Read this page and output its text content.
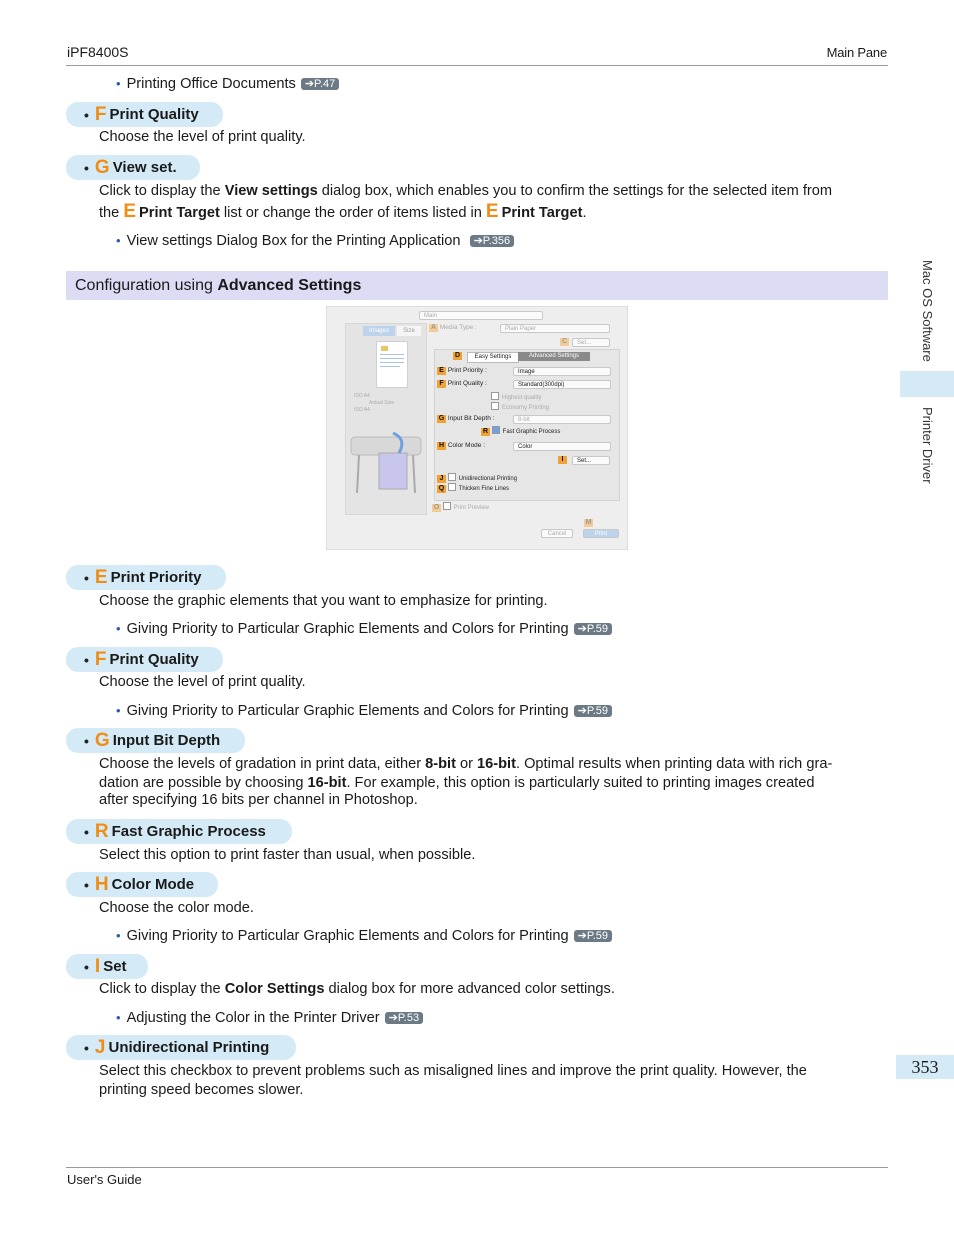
iPF8400S	Main Pane
Mac OS Software
Printer Driver
353
• Printing Office Documents ➔P.47
• F Print Quality
Choose the level of print quality.
• G View set.
Click to display the View settings dialog box, which enables you to confirm the settings for the selected item from
the E Print Target list or change the order of items listed in E Print Target.
• View settings Dialog Box for the Printing Application ➔P.356
Configuration using Advanced Settings
Main
Images	Size
ISO A4
Actual Size
ISO A4
A Media Type :	Plain Paper
C	Set...
D	Easy Settings	Advanced Settings
E Print Priority :	Image
F Print Quality :	Standard(300dpi)
Highest quality
Economy Printing
G Input Bit Depth :	8-bit
R Fast Graphic Process
H Color Mode :	Color
I	Set...
J	Unidirectional Printing
Q Thicken Fine Lines
O Print Preview
M
Cancel	Print
• E Print Priority
Choose the graphic elements that you want to emphasize for printing.
• Giving Priority to Particular Graphic Elements and Colors for Printing ➔P.59
• F Print Quality
Choose the level of print quality.
• Giving Priority to Particular Graphic Elements and Colors for Printing ➔P.59
• G Input Bit Depth
Choose the levels of gradation in print data, either 8-bit or 16-bit. Optimal results when printing data with rich gra-
dation are possible by choosing 16-bit. For example, this option is particularly suited to printing images created
after specifying 16 bits per channel in Photoshop.
• R Fast Graphic Process
Select this option to print faster than usual, when possible.
• H Color Mode
Choose the color mode.
• Giving Priority to Particular Graphic Elements and Colors for Printing ➔P.59
• I Set
Click to display the Color Settings dialog box for more advanced color settings.
• Adjusting the Color in the Printer Driver ➔P.53
• J Unidirectional Printing
Select this checkbox to prevent problems such as misaligned lines and improve the print quality. However, the
printing speed becomes slower.
User's Guide
